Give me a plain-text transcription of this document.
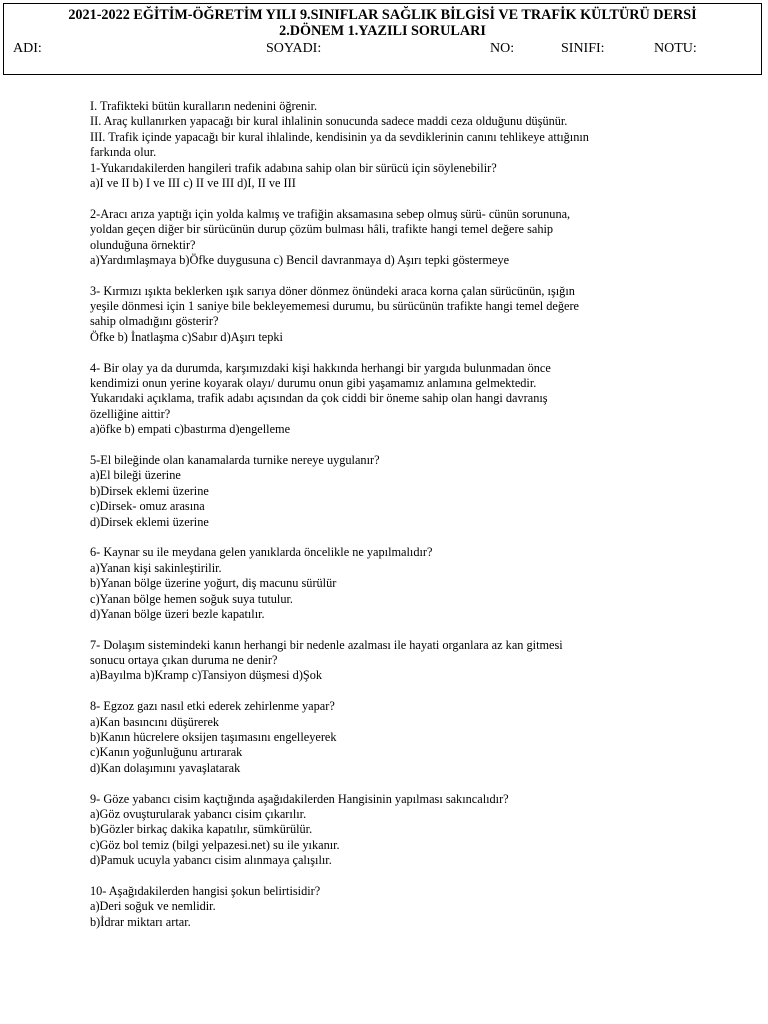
2021-2022 EĞİTİM-ÖĞRETİM YILI 9.SINIFLAR SAĞLIK BİLGİSİ VE TRAFİK KÜLTÜRÜ DERSİ
2.DÖNEM 1.YAZILI SORULARI
ADI:	SOYADI:	NO:	SINIFI:	NOTU:
I. Trafikteki bütün kuralların nedenini öğrenir.
II. Araç kullanırken yapacağı bir kural ihlalinin sonucunda sadece maddi ceza olduğunu düşünür.
III. Trafik içinde yapacağı bir kural ihlalinde, kendisinin ya da sevdiklerinin canını tehlikeye attığının
farkında olur.
1-Yukarıdakilerden hangileri trafik adabına sahip olan bir sürücü için söylenebilir?
a)I ve II b) I ve III c) II ve III d)I, II ve III
2-Aracı arıza yaptığı için yolda kalmış ve trafiğin aksamasına sebep olmuş sürü- cünün sorununa,
yoldan geçen diğer bir sürücünün durup çözüm bulması hâli, trafikte hangi temel değere sahip
olunduğuna örnektir?
a)Yardımlaşmaya b)Öfke duygusuna c) Bencil davranmaya d) Aşırı tepki göstermeye
3- Kırmızı ışıkta beklerken ışık sarıya döner dönmez önündeki araca korna çalan sürücünün, ışığın
yeşile dönmesi için 1 saniye bile bekleyememesi durumu, bu sürücünün trafikte hangi temel değere
sahip olmadığını gösterir?
Öfke b) İnatlaşma c)Sabır d)Aşırı tepki
4- Bir olay ya da durumda, karşımızdaki kişi hakkında herhangi bir yargıda bulunmadan önce
kendimizi onun yerine koyarak olayı/ durumu onun gibi yaşamamız anlamına gelmektedir.
Yukarıdaki açıklama, trafik adabı açısından da çok ciddi bir öneme sahip olan hangi davranış
özelliğine aittir?
a)öfke b) empati c)bastırma d)engelleme
5-El bileğinde olan kanamalarda turnike nereye uygulanır?
a)El bileği üzerine
b)Dirsek eklemi üzerine
c)Dirsek- omuz arasına
d)Dirsek eklemi üzerine
6- Kaynar su ile meydana gelen yanıklarda öncelikle ne yapılmalıdır?
a)Yanan kişi sakinleştirilir.
b)Yanan bölge üzerine yoğurt, diş macunu sürülür
c)Yanan bölge hemen soğuk suya tutulur.
d)Yanan bölge üzeri bezle kapatılır.
7- Dolaşım sistemindeki kanın herhangi bir nedenle azalması ile hayati organlara az kan gitmesi
sonucu ortaya çıkan duruma ne denir?
a)Bayılma b)Kramp c)Tansiyon düşmesi d)Şok
8- Egzoz gazı nasıl etki ederek zehirlenme yapar?
a)Kan basıncını düşürerek
b)Kanın hücrelere oksijen taşımasını engelleyerek
c)Kanın yoğunluğunu artırarak
d)Kan dolaşımını yavaşlatarak
9- Göze yabancı cisim kaçtığında aşağıdakilerden Hangisinin yapılması sakıncalıdır?
a)Göz ovuşturularak yabancı cisim çıkarılır.
b)Gözler birkaç dakika kapatılır, sümkürülür.
c)Göz bol temiz (bilgi yelpazesi.net) su ile yıkanır.
d)Pamuk ucuyla yabancı cisim alınmaya çalışılır.
10- Aşağıdakilerden hangisi şokun belirtisidir?
a)Deri soğuk ve nemlidir.
b)İdrar miktarı artar.
